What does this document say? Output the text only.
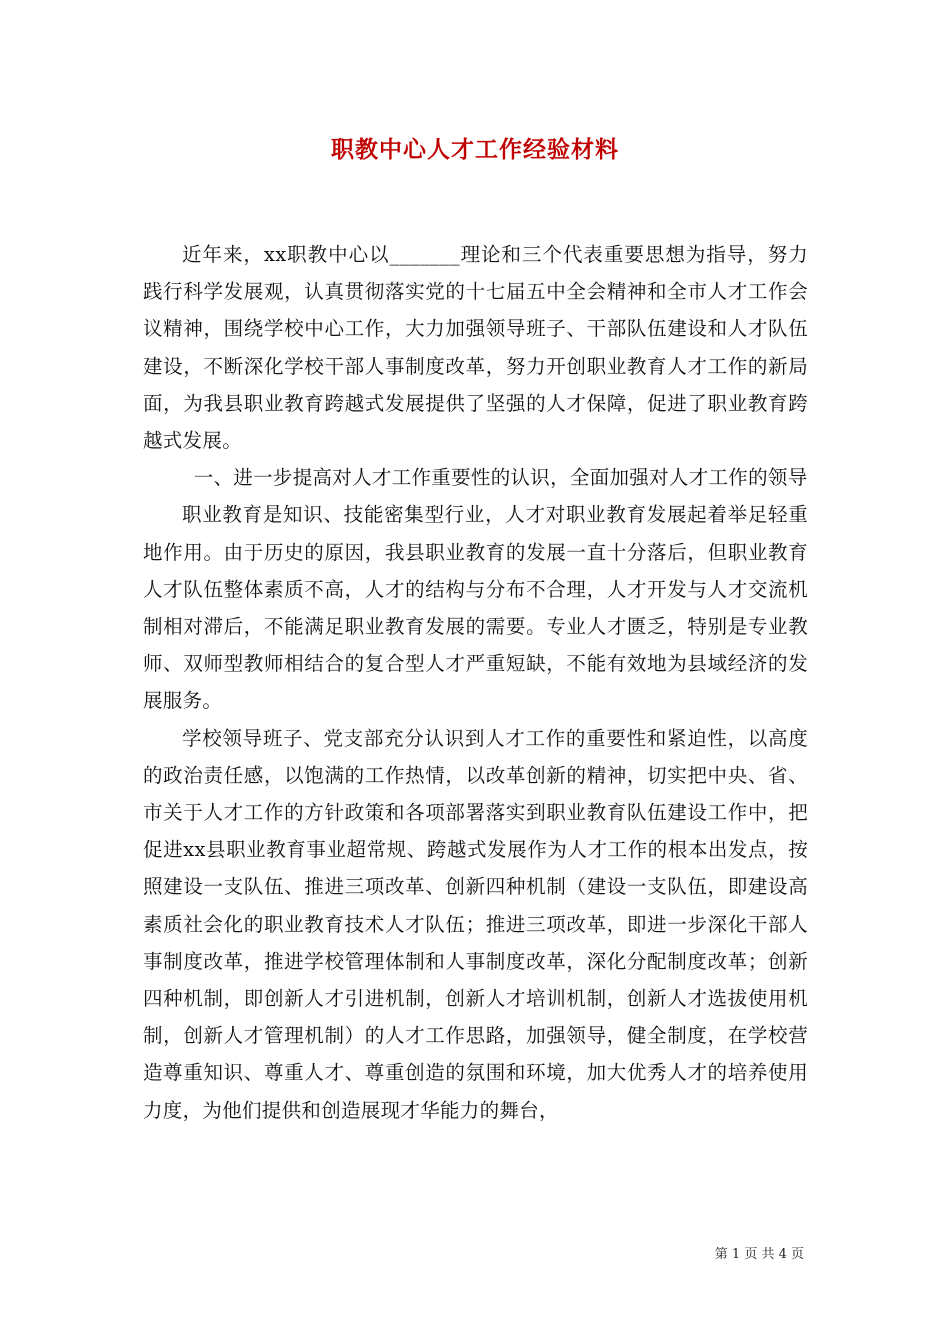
职教中心人才工作经验材料

近年来，xx职教中心以_______理论和三个代表重要思想为指导，努力践行科学发展观，认真贯彻落实党的十七届五中全会精神和全市人才工作会议精神，围绕学校中心工作，大力加强领导班子、干部队伍建设和人才队伍建设，不断深化学校干部人事制度改革，努力开创职业教育人才工作的新局面，为我县职业教育跨越式发展提供了坚强的人才保障，促进了职业教育跨越式发展。

一、进一步提高对人才工作重要性的认识，全面加强对人才工作的领导

职业教育是知识、技能密集型行业，人才对职业教育发展起着举足轻重地作用。由于历史的原因，我县职业教育的发展一直十分落后，但职业教育人才队伍整体素质不高，人才的结构与分布不合理，人才开发与人才交流机制相对滞后，不能满足职业教育发展的需要。专业人才匮乏，特别是专业教师、双师型教师相结合的复合型人才严重短缺，不能有效地为县域经济的发展服务。

学校领导班子、党支部充分认识到人才工作的重要性和紧迫性，以高度的政治责任感，以饱满的工作热情，以改革创新的精神，切实把中央、省、市关于人才工作的方针政策和各项部署落实到职业教育队伍建设工作中，把促进xx县职业教育事业超常规、跨越式发展作为人才工作的根本出发点，按照建设一支队伍、推进三项改革、创新四种机制（建设一支队伍，即建设高素质社会化的职业教育技术人才队伍；推进三项改革，即进一步深化干部人事制度改革，推进学校管理体制和人事制度改革，深化分配制度改革；创新四种机制，即创新人才引进机制，创新人才培训机制，创新人才选拔使用机制，创新人才管理机制）的人才工作思路，加强领导，健全制度，在学校营造尊重知识、尊重人才、尊重创造的氛围和环境，加大优秀人才的培养使用力度，为他们提供和创造展现才华能力的舞台，

第 1 页 共 4 页
